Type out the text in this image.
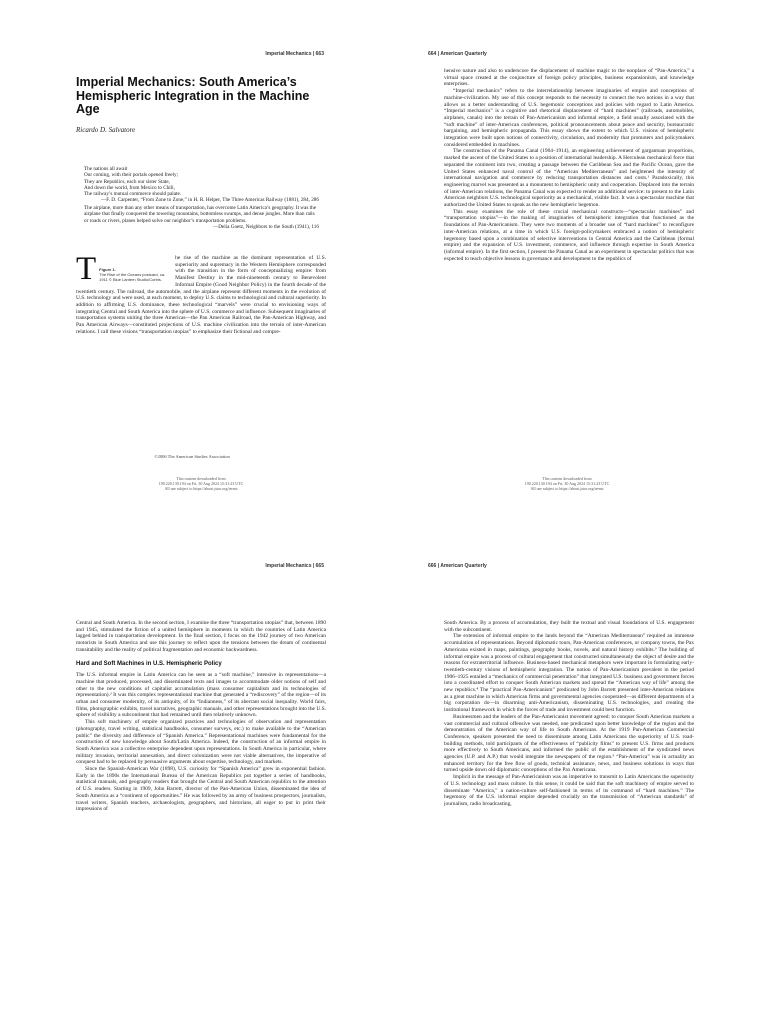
Imperial Mechanics | 663
Imperial Mechanics: South America’s Hemispheric Integration in the Machine Age
Ricardo D. Salvatore
The nations all await
Our coming, with their portals opened freely;
They are Republics, each our sister State,
And down the world, from Mexico to Chili,
The railway’s mutual commerce should palate.
—F. D. Carpenter, “From Zone to Zone,” in H. R. Helper, The Three Americas Railway (1881), 284, 286
The airplane, more than any other means of transportation, has overcome Latin America’s geography. It was the airplane that finally conquered the towering mountains, bottomless swamps, and dense jungles. More than rails or roads or rivers, planes helped solve our neighbor’s transportation problems.
—Delia Goetz, Neighbors to the South (1941), 116
T Figure 1.
The Rise of the Oceans postcard, ca. 1911 © Blue Lantern Studio/Corbis.
he rise of the machine as the dominant representation of U.S. superiority and supremacy in the Western Hemisphere corresponded with the transition in the form of conceptualizing empire: from Manifest Destiny in the mid-nineteenth century to Benevolent Informal Empire (Good Neighbor Policy) in the fourth decade of the twentieth century. The railroad, the automobile, and the airplane represent different moments in the evolution of U.S. technology and were used, at each moment, to deploy U.S. claims to technological and cultural superiority. In addition to affirming U.S. dominance, these technological “marvels” were crucial to envisioning ways of integrating Central and South America into the sphere of U.S. commerce and influence. Subsequent imaginaries of transportation systems uniting the three Americas—the Pan American Railroad, the Pan-American Highway, and Pan American Airways—constituted projections of U.S. machine civilization into the terrain of inter-American relations. I call these visions “transportation utopias” to emphasize their fictional and compre-
©2006 The American Studies Association
This content downloaded from
190.220.130.194 on Fri, 30 Aug 2024 15:31:23 UTC
All use subject to https://about.jstor.org/terms
664 | American Quarterly

hensive nature and also to underscore the displacement of machine magic to the nonplace of “Pan-America,” a virtual space created at the conjuncture of foreign policy principles, business expansionism, and knowledge enterprises.

“Imperial mechanics” refers to the interrelationship between imaginaries of empire and conceptions of machine-civilization. My use of this concept responds to the necessity to connect the two notions in a way that allows us a better understanding of U.S. hegemonic conceptions and policies with regard to Latin America. “Imperial mechanics” is a cognitive and rhetorical displacement of “hard machines” (railroads, automobiles, airplanes, canals) into the terrain of Pan-Americanism and informal empire, a field usually associated with the “soft machine” of inter-American conferences, political pronouncements about peace and security, bureaucratic bargaining, and hemispheric propaganda. This essay shows the extent to which U.S. visions of hemispheric integration were built upon notions of connectivity, circulation, and modernity that promoters and policymakers considered embedded in machines.

The construction of the Panama Canal (1904–1914), an engineering achievement of gargantuan proportions, marked the ascent of the United States to a position of international leadership. A Herculean mechanical force that separated the continent into two, creating a passage between the Caribbean Sea and the Pacific Ocean, gave the United States enhanced naval control of the “American Mediterranean” and heightened the intensity of international navigation and commerce by reducing transportation distances and costs.¹ Paradoxically, this engineering marvel was presented as a monument to hemispheric unity and cooperation. Displaced into the terrain of inter-American relations, the Panama Canal was expected to render an additional service: to present to the Latin American neighbors U.S. technological superiority as a mechanical, visible fact. It was a spectacular machine that authorized the United States to speak as the new hemispheric hegemon.

This essay examines the role of these crucial mechanical constructs—“spectacular machines” and “transportation utopias”—in the making of imaginaries of hemispheric integration that functioned as the foundations of Pan-Americanism. They were two moments of a broader use of “hard machines” to reconfigure inter-American relations, at a time in which U.S. foreign-policymakers embraced a notion of hemispheric hegemony based upon a combination of selective interventions in Central America and the Caribbean (formal empire) and the expansion of U.S. investment, commerce, and influence through expertise in South America (informal empire). In the first section, I present the Panama Canal as an experiment in spectacular politics that was expected to teach objective lessons in governance and development to the republics of

This content downloaded from
190.220.130.194 on Fri, 30 Aug 2024 15:31:23 UTC
All use subject to https://about.jstor.org/terms
Imperial Mechanics | 665

Central and South America. In the second section, I examine the three “transportation utopias” that, between 1890 and 1945, stimulated the fiction of a united hemisphere in moments in which the countries of Latin America lagged behind in transportation development. In the final section, I focus on the 1942 journey of two American motorists in South America and use this journey to reflect upon the tensions between the dream of continental transitability and the reality of political fragmentation and economic backwardness.

Hard and Soft Machines in U.S. Hemispheric Policy

The U.S. informal empire in Latin America can be seen as a “soft machine,” intensive in representations—a machine that produced, processed, and disseminated texts and images to accommodate older notions of self and other to the new conditions of capitalist accumulation (mass consumer capitalism and its technologies of representation).² It was this complex representational machine that generated a “rediscovery” of the region—of its urban and consumer modernity, of its antiquity, of its “Indianness,” of its aberrant social inequality. World fairs, films, photographic exhibits, travel narratives, geographic manuals, and other representations brought into the U.S. sphere of visibility a subcontinent that had remained until then relatively unknown.

This soft machinery of empire organized practices and technologies of observation and representation (photography, travel writing, statistical handbooks, consumer surveys, etc.) to make available to the “American public” the diversity and difference of “Spanish America.” Representational machines were fundamental for the construction of new knowledge about South/Latin America. Indeed, the construction of an informal empire in South America was a collective enterprise dependent upon representations. In South America in particular, where military invasion, territorial annexation, and direct colonization were not viable alternatives, the imperative of conquest had to be replaced by persuasive arguments about expertise, technology, and markets.

Since the Spanish-American War (1898), U.S. curiosity for “Spanish America” grew in exponential fashion. Early in the 1890s the International Bureau of the American Republics put together a series of handbooks, statistical manuals, and geography readers that brought the Central and South American republics to the attention of U.S. readers. Starting in 1909, John Barrett, director of the Pan-American Union, disseminated the idea of South America as a “continent of opportunities.” He was followed by an army of business prospectors, journalists, travel writers, Spanish teachers, archaeologists, geographers, and historians, all eager to put in print their impressions of

666 | American Quarterly

South America. By a process of accumulation, they built the textual and visual foundations of U.S. engagement with the subcontinent.

The extension of informal empire to the lands beyond the “American Mediterranean” required an immense accumulation of representations. Beyond diplomatic tours, Pan-American conferences, or company towns, the Pax Americana existed in maps, paintings, geography books, novels, and natural history exhibits.³ The building of informal empire was a process of cultural engagement that constructed simultaneously the object of desire and the reasons for extraterritorial influence. Business-based mechanical metaphors were important in formulating early-twentieth-century visions of hemispheric integration. The notion of Pan-Americanism prevalent in the period 1906–1925 entailed a “mechanics of commercial penetration” that integrated U.S. business and government forces into a coordinated effort to conquer South American markets and spread the “American way of life” among the new republics.⁴ The “practical Pan-Americanism” predicated by John Barrett presented inter-American relations as a great machine in which American firms and governmental agencies cooperated—as different departments of a big corporation do—in disarming anti-Americanism, disseminating U.S. technologies, and creating the institutional framework in which the forces of trade and investment could best function.

Businessmen and the leaders of the Pan-Americanist movement agreed: to conquer South American markets a vast commercial and cultural offensive was needed, one predicated upon better knowledge of the region and the demonstration of the American way of life to South Americans. At the 1919 Pan-American Commercial Conference, speakers presented the need to disseminate among Latin Americans the superiority of U.S. road-building methods, told participants of the effectiveness of “publicity films” to present U.S. firms and products more effectively to South Americans, and informed the public of the establishment of the syndicated news agencies (U.P. and A.P.) that would integrate the newspapers of the region.⁵ “Pan-America” was in actuality an enhanced territory for the free flow of goods, technical assistance, news, and business solutions in ways that turned upside down old diplomatic conceptions of the Pax Americana.

Implicit in the message of Pan-Americanism was an imperative to transmit to Latin Americans the superiority of U.S. technology and mass culture. In this sense, it could be said that the soft machinery of empire served to disseminate “America,” a nation-culture self-fashioned in terms of its command of “hard machines.” The hegemony of the U.S. informal empire depended crucially on the transmission of “American standards” of journalism, radio broadcasting,
